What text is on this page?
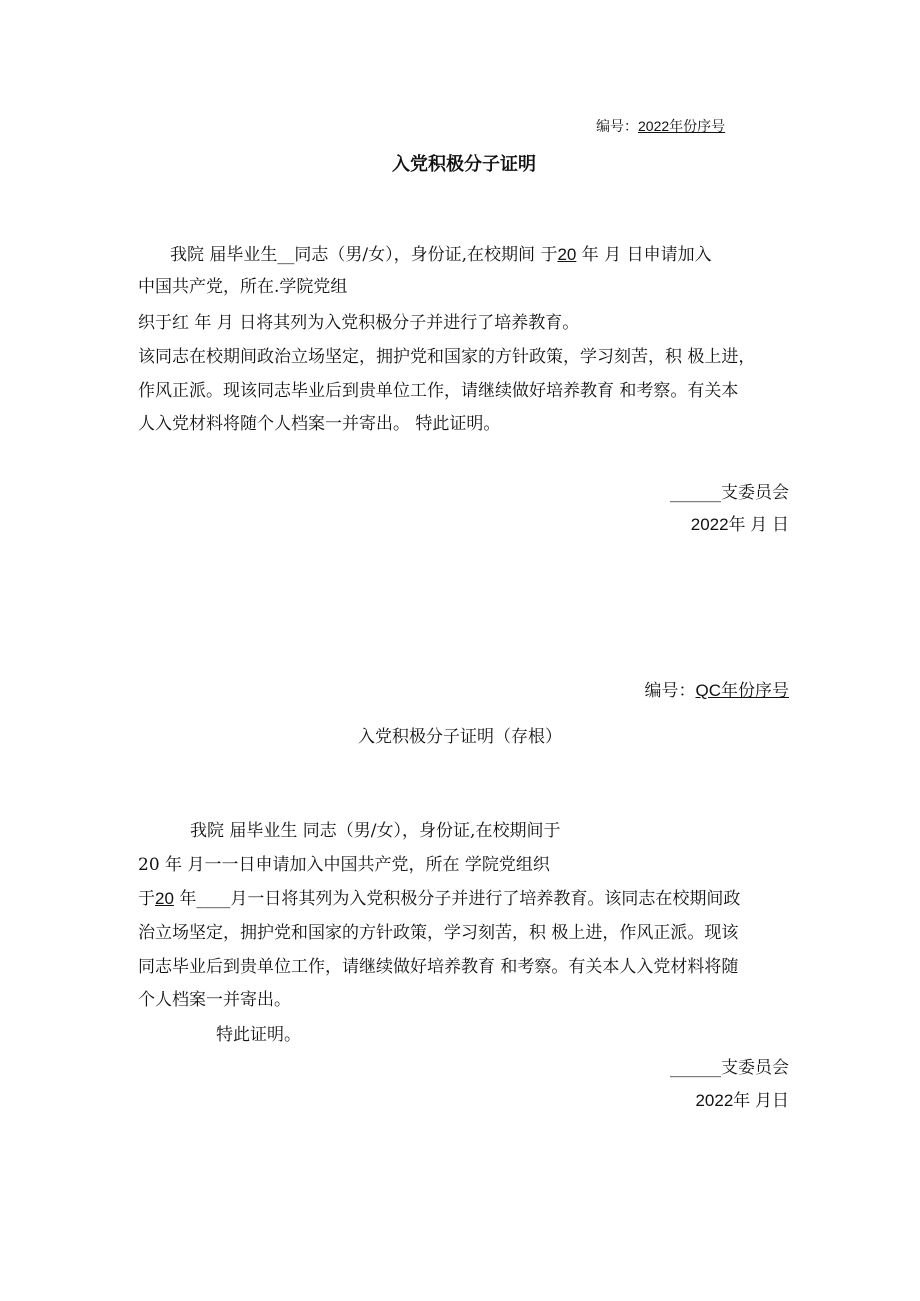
编号：2022年份序号
入党积极分子证明
我院 届毕业生__同志（男/女），身份证,在校期间 于20 年 月 日申请加入
中国共产党，所在.学院党组
织于红 年 月 日将其列为入党积极分子并进行了培养教育。
该同志在校期间政治立场坚定，拥护党和国家的方针政策，学习刻苦，积 极上进，
作风正派。现该同志毕业后到贵单位工作，请继续做好培养教育 和考察。有关本
人入党材料将随个人档案一并寄出。 特此证明。
______支委员会
2022年 月 日
编号：QC年份序号
入党积极分子证明（存根）
我院 届毕业生 同志（男/女），身份证,在校期间于
20 年 月一一日申请加入中国共产党，所在 学院党组织
于20 年____月一日将其列为入党积极分子并进行了培养教育。该同志在校期间政
治立场坚定，拥护党和国家的方针政策，学习刻苦，积 极上进，作风正派。现该
同志毕业后到贵单位工作，请继续做好培养教育 和考察。有关本人入党材料将随
个人档案一并寄出。
特此证明。
______支委员会
2022年 月日
